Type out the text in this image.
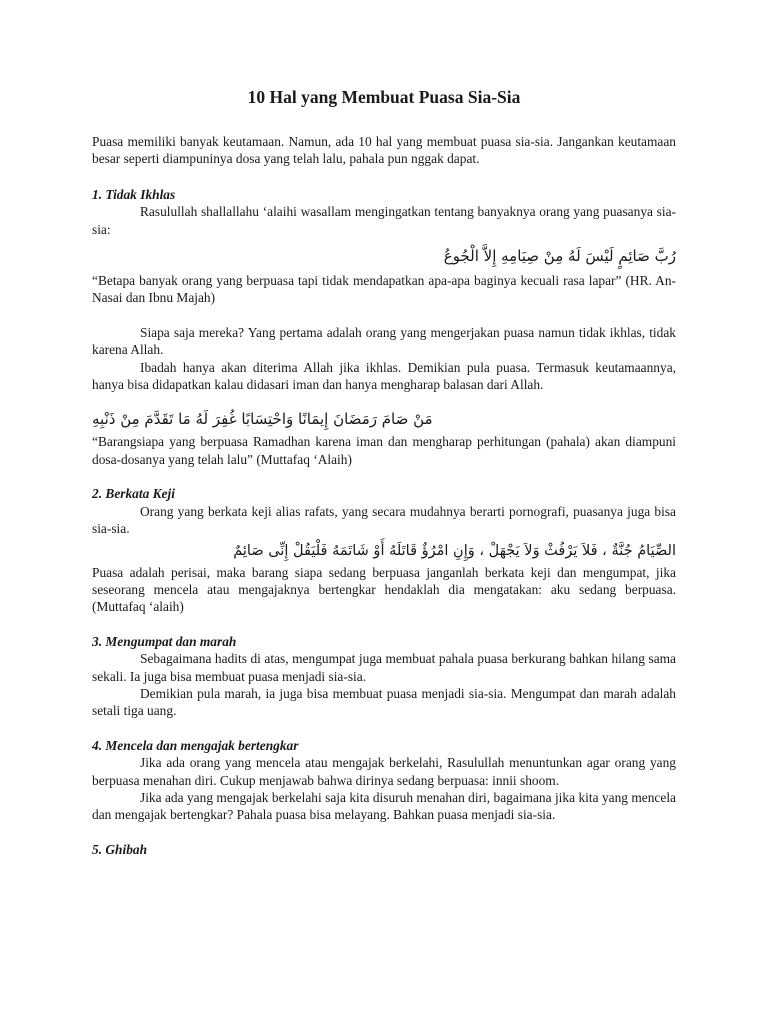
10 Hal yang Membuat Puasa Sia-Sia

Puasa memiliki banyak keutamaan. Namun, ada 10 hal yang membuat puasa sia-sia. Jangankan keutamaan besar seperti diampuninya dosa yang telah lalu, pahala pun nggak dapat.

1. Tidak Ikhlas

Rasulullah shallallahu ‘alaihi wasallam mengingatkan tentang banyaknya orang yang puasanya sia-sia:

رُبَّ صَائِمٍ لَيْسَ لَهُ مِنْ صِيَامِهِ إِلاَّ الْجُوعُ

“Betapa banyak orang yang berpuasa tapi tidak mendapatkan apa-apa baginya kecuali rasa lapar” (HR. An-Nasai dan Ibnu Majah)

Siapa saja mereka? Yang pertama adalah orang yang mengerjakan puasa namun tidak ikhlas, tidak karena Allah.

Ibadah hanya akan diterima Allah jika ikhlas. Demikian pula puasa. Termasuk keutamaannya, hanya bisa didapatkan kalau didasari iman dan hanya mengharap balasan dari Allah.

مَنْ صَامَ رَمَضَانَ إِيمَانًا وَاحْتِسَابًا غُفِرَ لَهُ مَا تَقَدَّمَ مِنْ ذَنْبِهِ

“Barangsiapa yang berpuasa Ramadhan karena iman dan mengharap perhitungan (pahala) akan diampuni dosa-dosanya yang telah lalu” (Muttafaq ‘Alaih)

2. Berkata Keji

Orang yang berkata keji alias rafats, yang secara mudahnya berarti pornografi, puasanya juga bisa sia-sia.

الصِّيَامُ جُنَّةٌ ، فَلاَ يَرْفُثْ وَلاَ يَجْهَلْ ، وَإِنِ امْرُؤٌ قَاتَلَهُ أَوْ شَاتَمَهُ فَلْيَقُلْ إِنِّى صَائِمٌ

Puasa adalah perisai, maka barang siapa sedang berpuasa janganlah berkata keji dan mengumpat, jika seseorang mencela atau mengajaknya bertengkar hendaklah dia mengatakan: aku sedang berpuasa. (Muttafaq ‘alaih)

3. Mengumpat dan marah

Sebagaimana hadits di atas, mengumpat juga membuat pahala puasa berkurang bahkan hilang sama sekali. Ia juga bisa membuat puasa menjadi sia-sia.

Demikian pula marah, ia juga bisa membuat puasa menjadi sia-sia. Mengumpat dan marah adalah setali tiga uang.

4. Mencela dan mengajak bertengkar

Jika ada orang yang mencela atau mengajak berkelahi, Rasulullah menuntunkan agar orang yang berpuasa menahan diri. Cukup menjawab bahwa dirinya sedang berpuasa: innii shoom.

Jika ada yang mengajak berkelahi saja kita disuruh menahan diri, bagaimana jika kita yang mencela dan mengajak bertengkar? Pahala puasa bisa melayang. Bahkan puasa menjadi sia-sia.

5. Ghibah
